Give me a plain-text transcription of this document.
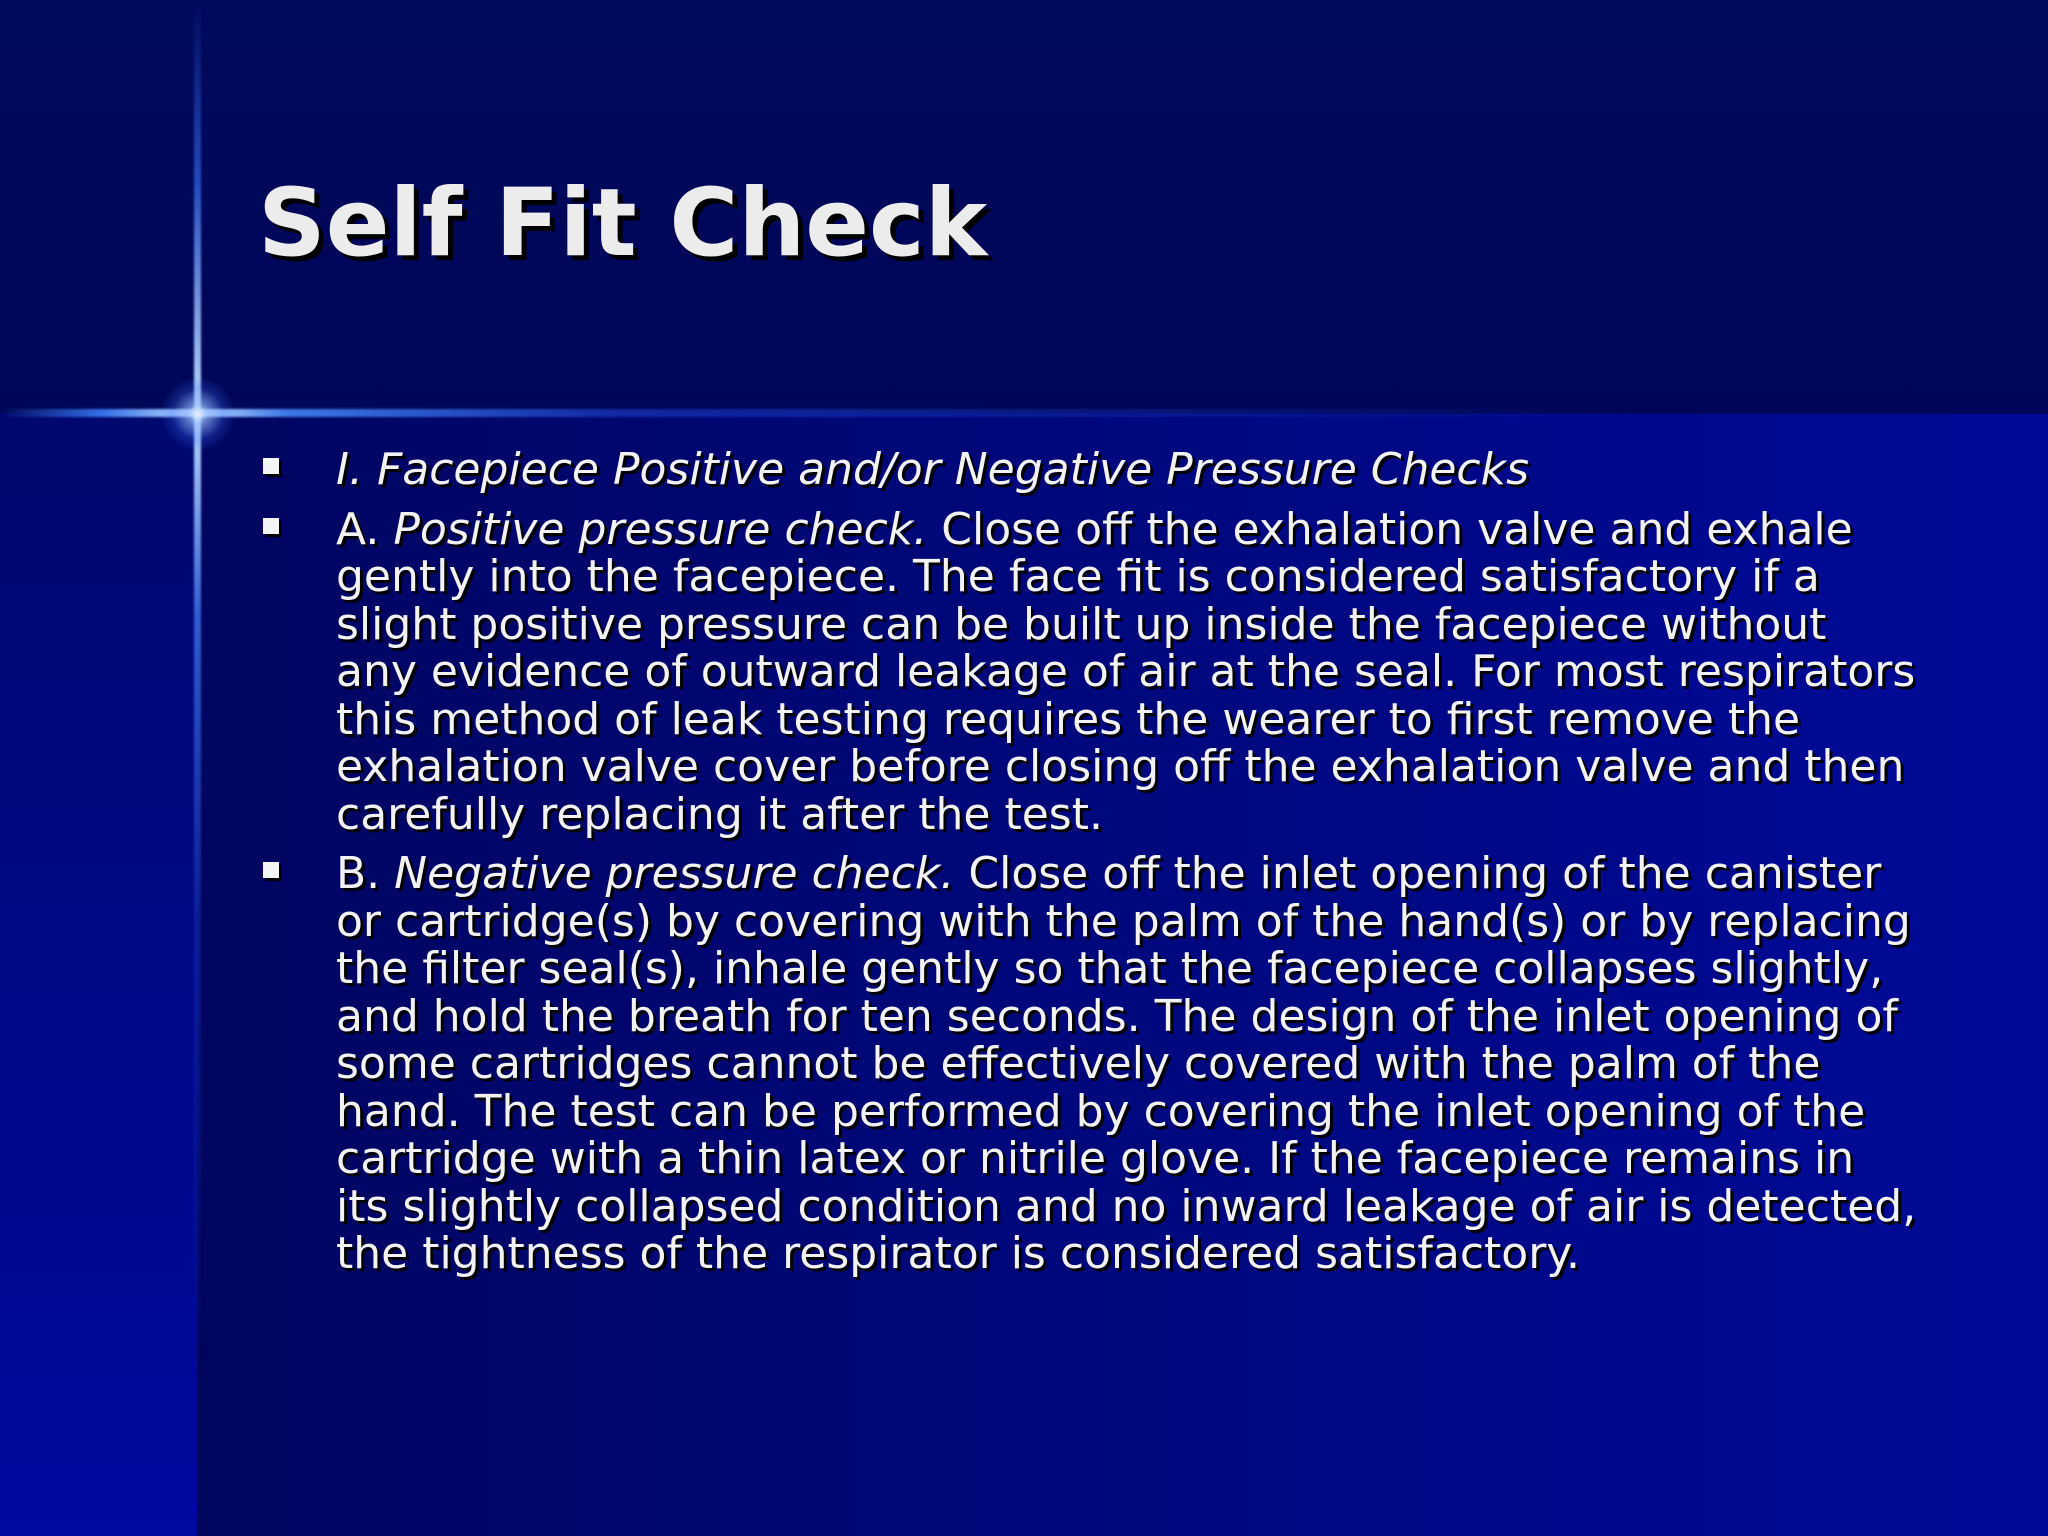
Self Fit Check
I. Facepiece Positive and/or Negative Pressure Checks
A. Positive pressure check. Close off the exhalation valve and exhale gently into the facepiece. The face fit is considered satisfactory if a slight positive pressure can be built up inside the facepiece without any evidence of outward leakage of air at the seal. For most respirators this method of leak testing requires the wearer to first remove the exhalation valve cover before closing off the exhalation valve and then carefully replacing it after the test.
B. Negative pressure check. Close off the inlet opening of the canister or cartridge(s) by covering with the palm of the hand(s) or by replacing the filter seal(s), inhale gently so that the facepiece collapses slightly, and hold the breath for ten seconds. The design of the inlet opening of some cartridges cannot be effectively covered with the palm of the hand. The test can be performed by covering the inlet opening of the cartridge with a thin latex or nitrile glove. If the facepiece remains in its slightly collapsed condition and no inward leakage of air is detected, the tightness of the respirator is considered satisfactory.
